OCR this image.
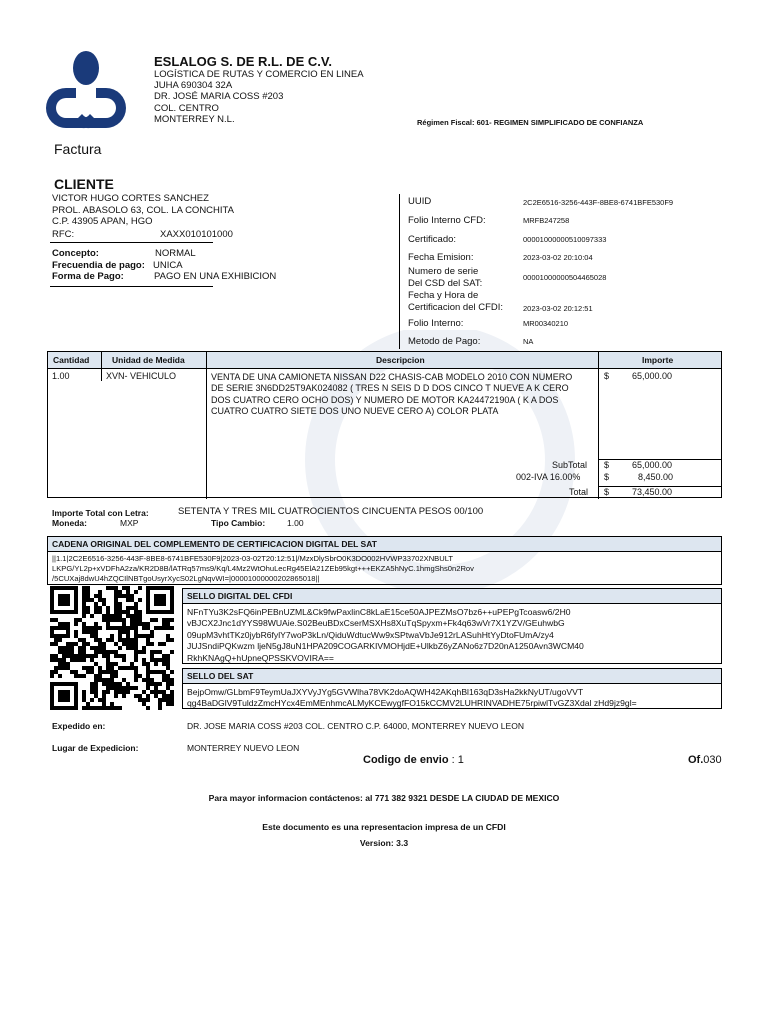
ESLALOG S. DE R.L. DE C.V.
LOGÍSTICA DE RUTAS Y COMERCIO EN LINEA
JUHA 690304 32A
DR. JOSÉ MARIA COSS #203
COL. CENTRO
MONTERREY N.L.	Régimen Fiscal: 601- REGIMEN SIMPLIFICADO DE CONFIANZA
Factura
CLIENTE
VICTOR HUGO CORTES SANCHEZ
PROL. ABASOLO 63, COL. LA CONCHITA
C.P. 43905 APAN, HGO
RFC:	XAXX010101000
Concepto:	NORMAL
Frecuendia de pago: UNICA
Forma de Pago:	PAGO EN UNA EXHIBICION
UUID	2C2E6516-3256-443F-8BE8-6741BFE530F9
Folio Interno CFD:	MRFB247258
Certificado:	00001000000510097333
Fecha Emision:	2023-03-02 20:10:04
Numero de serie
Del CSD del SAT:	00001000000504465028
Fecha y Hora de
Certificacion del CFDI:	2023-03-02 20:12:51
Folio Interno:	MR00340210
Metodo de Pago:	NA
Cantidad	Unidad de Medida	Descripcion	Importe
1.00	XVN- VEHICULO	VENTA DE UNA CAMIONETA NISSAN D22 CHASIS-CAB MODELO 2010 CON NUMERO
DE SERIE 3N6DD25T9AK024082 ( TRES N SEIS D D DOS CINCO T NUEVE A K CERO
DOS CUATRO CERO OCHO DOS) Y NUMERO DE MOTOR KA24472190A ( K A DOS
CUATRO CUATRO SIETE DOS UNO NUEVE CERO A) COLOR PLATA
$	65,000.00
SubTotal $	65,000.00
002-IVA 16.00%	$	8,450.00
Total $	73,450.00
Importe Total con Letra:	SETENTA Y TRES MIL CUATROCIENTOS CINCUENTA PESOS 00/100
Moneda:	MXP	Tipo Cambio:	1.00
CADENA ORIGINAL DEL COMPLEMENTO DE CERTIFICACION DIGITAL DEL SAT
||1.1|2C2E6516-3256-443F-8BE8-6741BFE530F9|2023-03-02T20:12:51|/MzxDlySbrO0K3DO002HVWP33702XNBULT
LKPG/YL2p+xVDFhA2za/KR2D8B/lATRq57ms9/Kq/L4Mz2WtOhuLecRg45ElA21ZEb95kgt+++EKZA5hNyC.1hmgShs0n2Rov
/5CUXaj8dwU4hZQCIlNBTgoUsyrXycS02LgNqvWI=|00001000000202865018||
SELLO DIGITAL DEL CFDI
NFnTYu3K2sFQ6inPEBnUZML&Ck9fwPaxlinC8kLaE15ce50AJPEZMsO7bz6++uPEPgTcoasw6/2H0
vBJCX2Jnc1dYYS98WUAie.S02BeuBDxCserMSXHs8XuTqSpyxm+Fk4q63wVr7X1YZV/GEuhwbG
09upM3vhtTKz0jybR6fylY7woP3kLn/QiduWdtucWw9xSPtwaVbJe912rLASuhHtYyDtoFUmA/zy4
JUJSndiPQKwzm ljeN5gJ8uN1HPA209COGARKIVMOHjdE+UlkbZ6yZANo6z7D20nA1250Avn3WCM40
RkhKNAgQ+hUpneQPSSKVOVIRA==
SELLO DEL SAT
BejpOmw/GLbmF9TeymUaJXYVyJYg5GVWlha78VK2doAQWH42AKqhBl163qD3sHa2kkNyUT/ugoVVT
qg4BaDGlV9TuldzZmcHYcx4EmMEnhmcALMyKCEwygfFO15kCCMV2LUHRINVADHE75rpiwlTvGZ3Xdal zHd9jz9gl=
Expedido en:	DR. JOSE MARIA COSS #203 COL. CENTRO C.P. 64000, MONTERREY NUEVO LEON
Lugar de Expedicion:	MONTERREY NUEVO LEON
Codigo de envio : 1	Of.030
Para mayor informacion contáctenos: al 771 382 9321 DESDE LA CIUDAD DE MEXICO
Este documento es una representacion impresa de un CFDI
Version: 3.3
